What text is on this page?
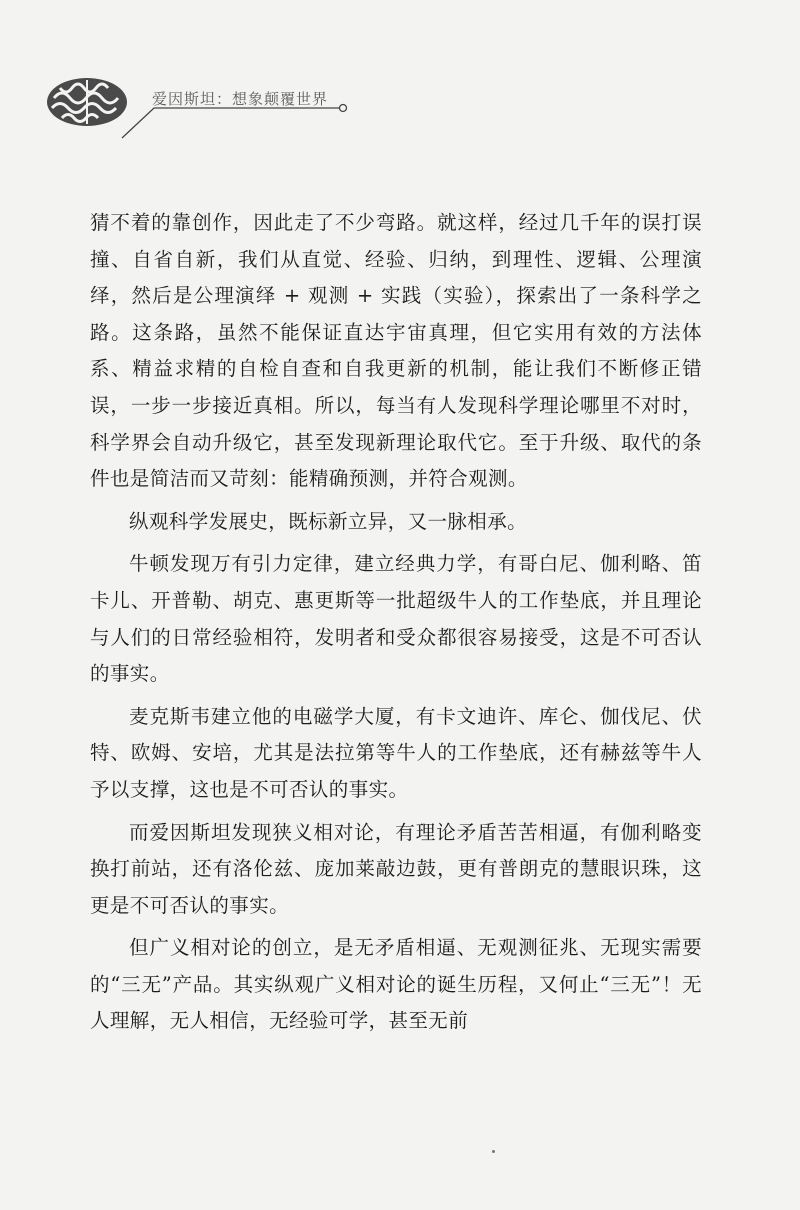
爱因斯坦：想象颠覆世界

猜不着的靠创作，因此走了不少弯路。就这样，经过几千年的误打误撞、自省自新，我们从直觉、经验、归纳，到理性、逻辑、公理演绎，然后是公理演绎 + 观测 + 实践（实验），探索出了一条科学之路。这条路，虽然不能保证直达宇宙真理，但它实用有效的方法体系、精益求精的自检自查和自我更新的机制，能让我们不断修正错误，一步一步接近真相。所以，每当有人发现科学理论哪里不对时，科学界会自动升级它，甚至发现新理论取代它。至于升级、取代的条件也是简洁而又苛刻：能精确预测，并符合观测。

纵观科学发展史，既标新立异，又一脉相承。

牛顿发现万有引力定律，建立经典力学，有哥白尼、伽利略、笛卡儿、开普勒、胡克、惠更斯等一批超级牛人的工作垫底，并且理论与人们的日常经验相符，发明者和受众都很容易接受，这是不可否认的事实。

麦克斯韦建立他的电磁学大厦，有卡文迪许、库仑、伽伐尼、伏特、欧姆、安培，尤其是法拉第等牛人的工作垫底，还有赫兹等牛人予以支撑，这也是不可否认的事实。

而爱因斯坦发现狭义相对论，有理论矛盾苦苦相逼，有伽利略变换打前站，还有洛伦兹、庞加莱敲边鼓，更有普朗克的慧眼识珠，这更是不可否认的事实。

但广义相对论的创立，是无矛盾相逼、无观测征兆、无现实需要的“三无”产品。其实纵观广义相对论的诞生历程，又何止“三无”！无人理解，无人相信，无经验可学，甚至无前
